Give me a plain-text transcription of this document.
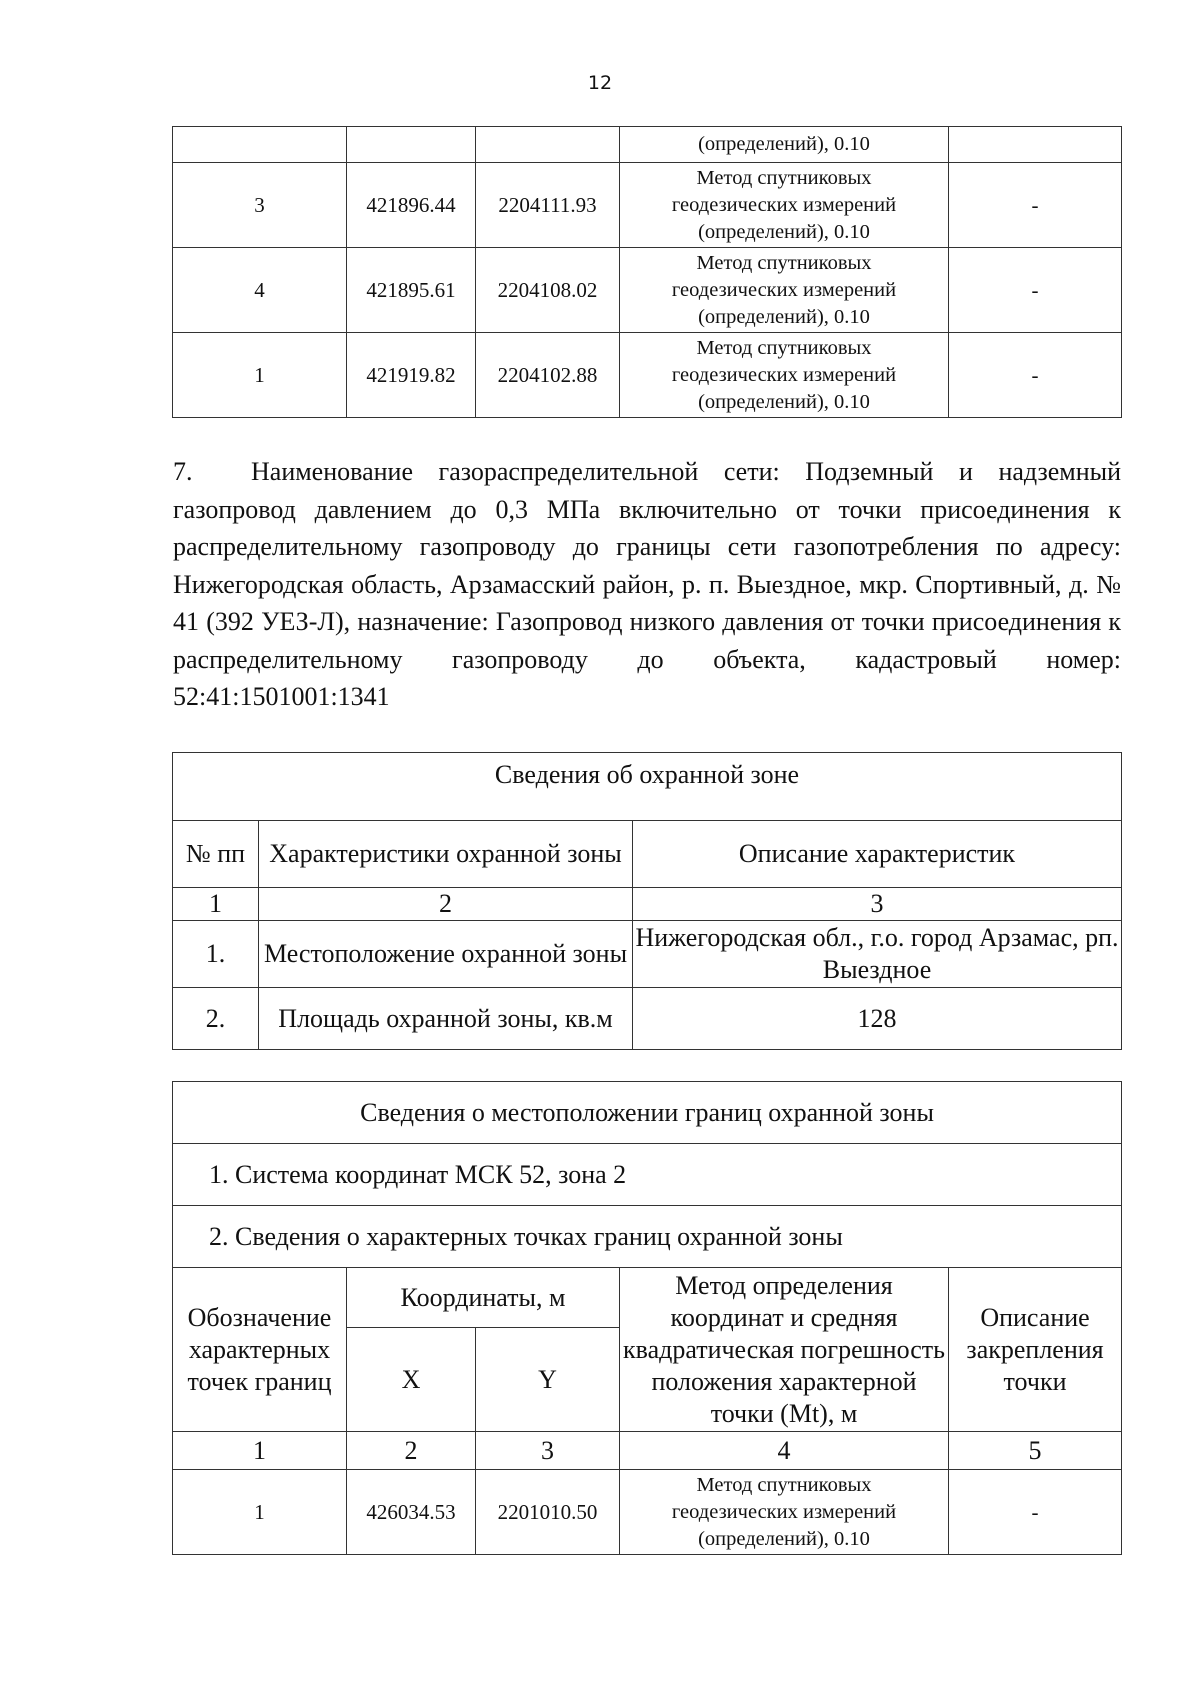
12

			(определений), 0.10	

3	421896.44	2204111.93	Метод спутниковых
геодезических измерений
(определений), 0.10	-
4	421895.61	2204108.02	Метод спутниковых
геодезических измерений
(определений), 0.10	-
1	421919.82	2204102.88	Метод спутниковых
геодезических измерений
(определений), 0.10	-

7. Наименование газораспределительной сети: Подземный и надземный газопровод давлением до 0,3 МПа включительно от точки присоединения к распределительному газопроводу до границы сети газопотребления по адресу: Нижегородская область, Арзамасский район, р. п. Выездное, мкр. Спортивный, д. № 41 (392 УЕЗ-Л), назначение: Газопровод низкого давления от точки присоединения к распределительному газопроводу до объекта, кадастровый номер: 52:41:1501001:1341

Сведения об охранной зоне		
№ пп	Характеристики охранной зоны	Описание характеристик
1	2	3
1.	Местоположение охранной зоны	Нижегородская обл., г.о. город Арзамас, рп. Выездное
2.	Площадь охранной зоны, кв.м	128
Сведения о местоположении границ охранной зоны				
1. Система координат МСК 52, зона 2				
2. Сведения о характерных точках границ охранной зоны				
Обозначение характерных точек границ	Координаты, м		Метод определения координат и средняя квадратическая погрешность положения характерной точки (Mt), м	Описание закрепления точки
	X	Y		
1	2	3	4	5
1	426034.53	2201010.50	Метод спутниковых
геодезических измерений
(определений), 0.10	-
